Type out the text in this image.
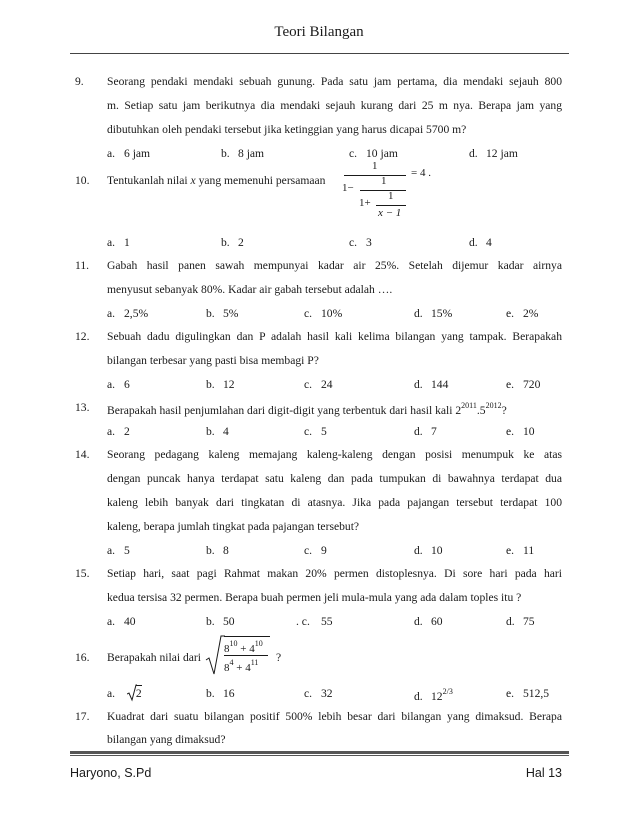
Teori Bilangan
9. Seorang pendaki mendaki sebuah gunung. Pada satu jam pertama, dia mendaki sejauh 800
m. Setiap satu jam berikutnya dia mendaki sejauh kurang dari 25 m nya. Berapa jam yang
dibutuhkan oleh pendaki tersebut jika ketinggian yang harus dicapai 5700 m?
a. 6 jam	b. 8 jam	c. 10 jam	d. 12 jam
10. Tentukanlah nilai x yang memenuhi persamaan
1
= 4 .
1−
1
1+
1
x − 1
a. 1	b. 2	c. 3	d. 4
11. Gabah hasil panen sawah mempunyai kadar air 25%. Setelah dijemur kadar airnya
menyusut sebanyak 80%. Kadar air gabah tersebut adalah ….
a. 2,5%	b. 5%	c. 10%	d. 15%	e. 2%
12. Sebuah dadu digulingkan dan P adalah hasil kali kelima bilangan yang tampak. Berapakah
bilangan terbesar yang pasti bisa membagi P?
a. 6	b. 12	c. 24	d. 144	e. 720
13. Berapakah hasil penjumlahan dari digit-digit yang terbentuk dari hasil kali $2^{2011}.5^{2012}$?
a. 2	b. 4	c. 5	d. 7	e. 10
14. Seorang pedagang kaleng memajang kaleng-kaleng dengan posisi menumpuk ke atas
dengan puncak hanya terdapat satu kaleng dan pada tumpukan di bawahnya terdapat dua
kaleng lebih banyak dari tingkatan di atasnya. Jika pada pajangan tersebut terdapat 100
kaleng, berapa jumlah tingkat pada pajangan tersebut?
a. 5	b. 8	c. 9	d. 10	e. 11
15. Setiap hari, saat pagi Rahmat makan 20% permen distoplesnya. Di sore hari pada hari
kedua tersisa 32 permen. Berapa buah permen jeli mula-mula yang ada dalam toples itu ?
a. 40	b. 50	. c. 55	d. 60	d. 75
16. Berapakah nilai dari
$8^{10} + 4^{10}$
$8^4 + 4^{11}$ ?
a. 2	b. 16	c. 32	d. $12^{2/3}$	e. 512,5
17. Kuadrat dari suatu bilangan positif 500% lebih besar dari bilangan yang dimaksud. Berapa
bilangan yang dimaksud?
Haryono, S.Pd	Hal 13
